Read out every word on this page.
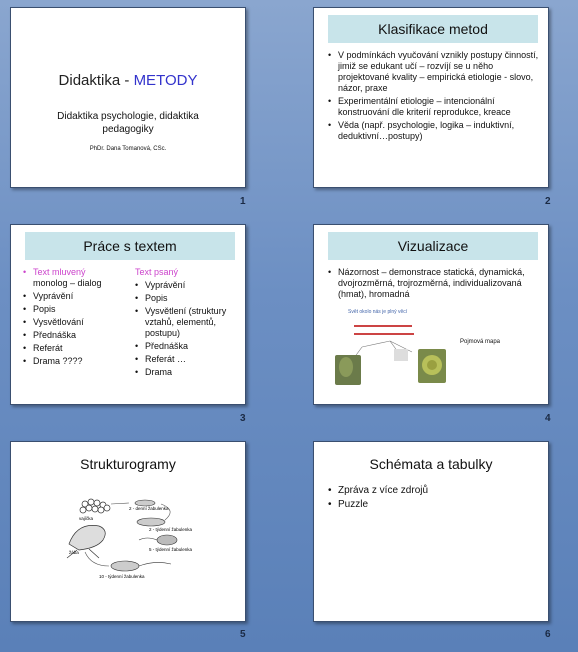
Didaktika - METODY
Didaktika psychologie, didaktika pedagogiky
PhDr. Dana Tomanová, CSc.
1
Klasifikace metod
• V podmínkách vyučování vznikly postupy činností, jimiž se edukant učí – rozvíjí se u něho projektované kvality – empirická etiologie - slovo, názor, praxe
• Experimentální etiologie – intencionální konstruování dle kriterií reprodukce, kreace
• Věda (např. psychologie, logika – induktivní, deduktivní…postupy)
2
Práce s textem
• Text mluvený
monolog – dialog
• Vyprávění
• Popis
• Vysvětlování
• Přednáška
• Referát
• Drama ????
Text psaný
• Vyprávění
• Popis
• Vysvětlení (struktury vztahů, elementů, postupu)
• Přednáška
• Referát …
• Drama
3
Vizualizace
• Názornost – demonstrace statická, dynamická, dvojrozměrná, trojrozměrná, individualizovaná (hmat), hromadná
Svět okolo nás je plný věcí
Pojmová mapa
4
Strukturogramy
vajíčka
2 - denní žabulenka
2 - týdenní žabulenka
5 - týdenní žabulenka
žába
10 - týdenní žabulenka
5
Schémata a tabulky
• Zpráva z více zdrojů
• Puzzle
6
